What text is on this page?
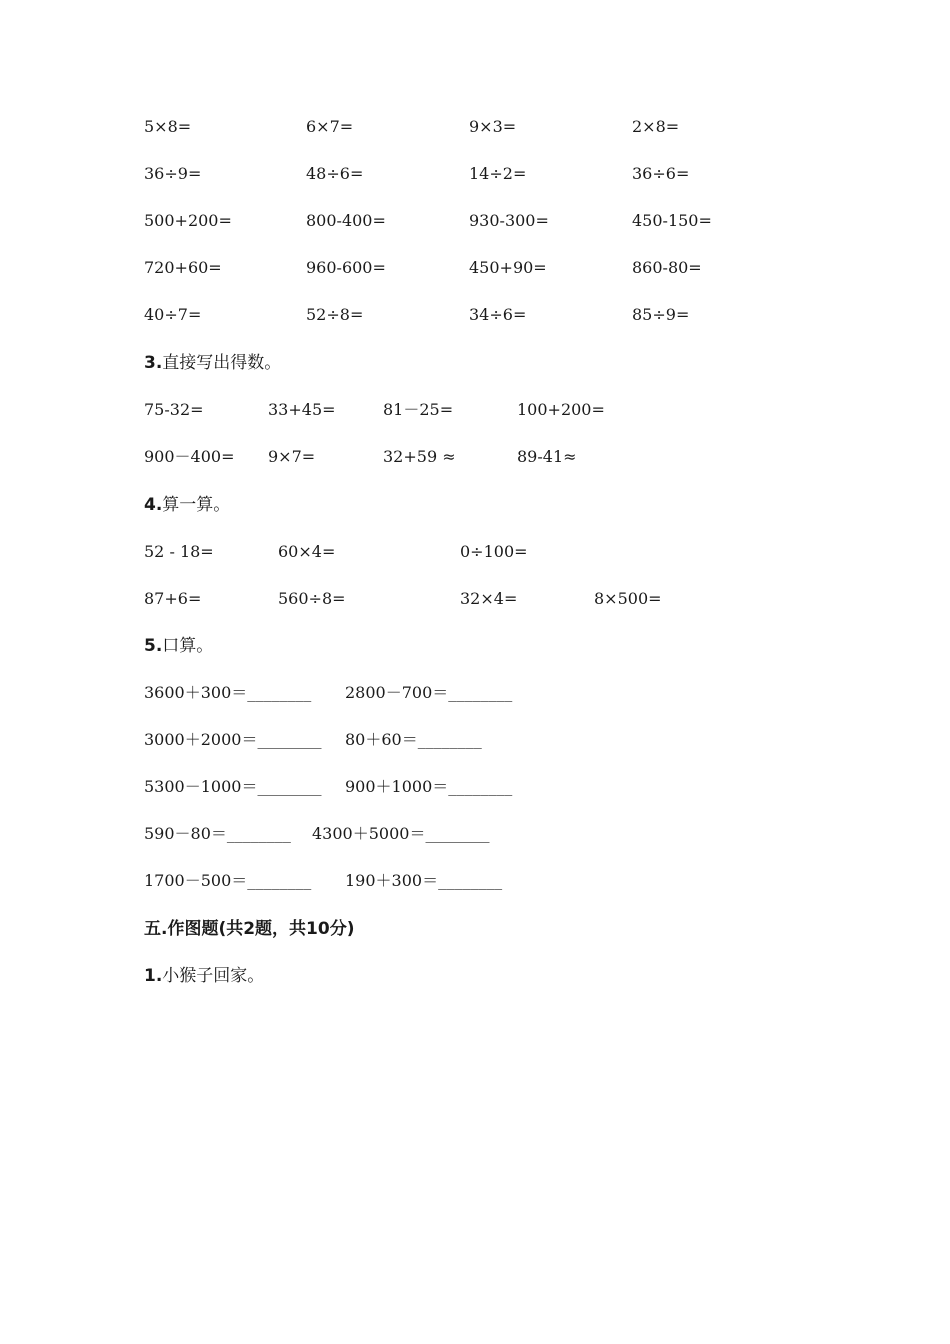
5×8=	6×7=	9×3=	2×8=
36÷9=	48÷6=	14÷2=	36÷6=
500+200=	800-400=	930-300=	450-150=
720+60=	960-600=	450+90=	860-80=
40÷7=	52÷8=	34÷6=	85÷9=
3.直接写出得数。
75-32=	33+45=	81－25=	100+200=
900－400= 9×7=	32+59 ≈	89-41≈
4.算一算。
52 - 18=	60×4=	0÷100=
87+6=	560÷8=	32×4=	8×500=
5.口算。
3600＋300＝________ 2800－700＝________
3000＋2000＝________ 80＋60＝________
5300－1000＝________ 900＋1000＝________
590－80＝________ 4300＋5000＝________
1700－500＝________ 190＋300＝________
五.作图题(共2题，共10分)
1.小猴子回家。
